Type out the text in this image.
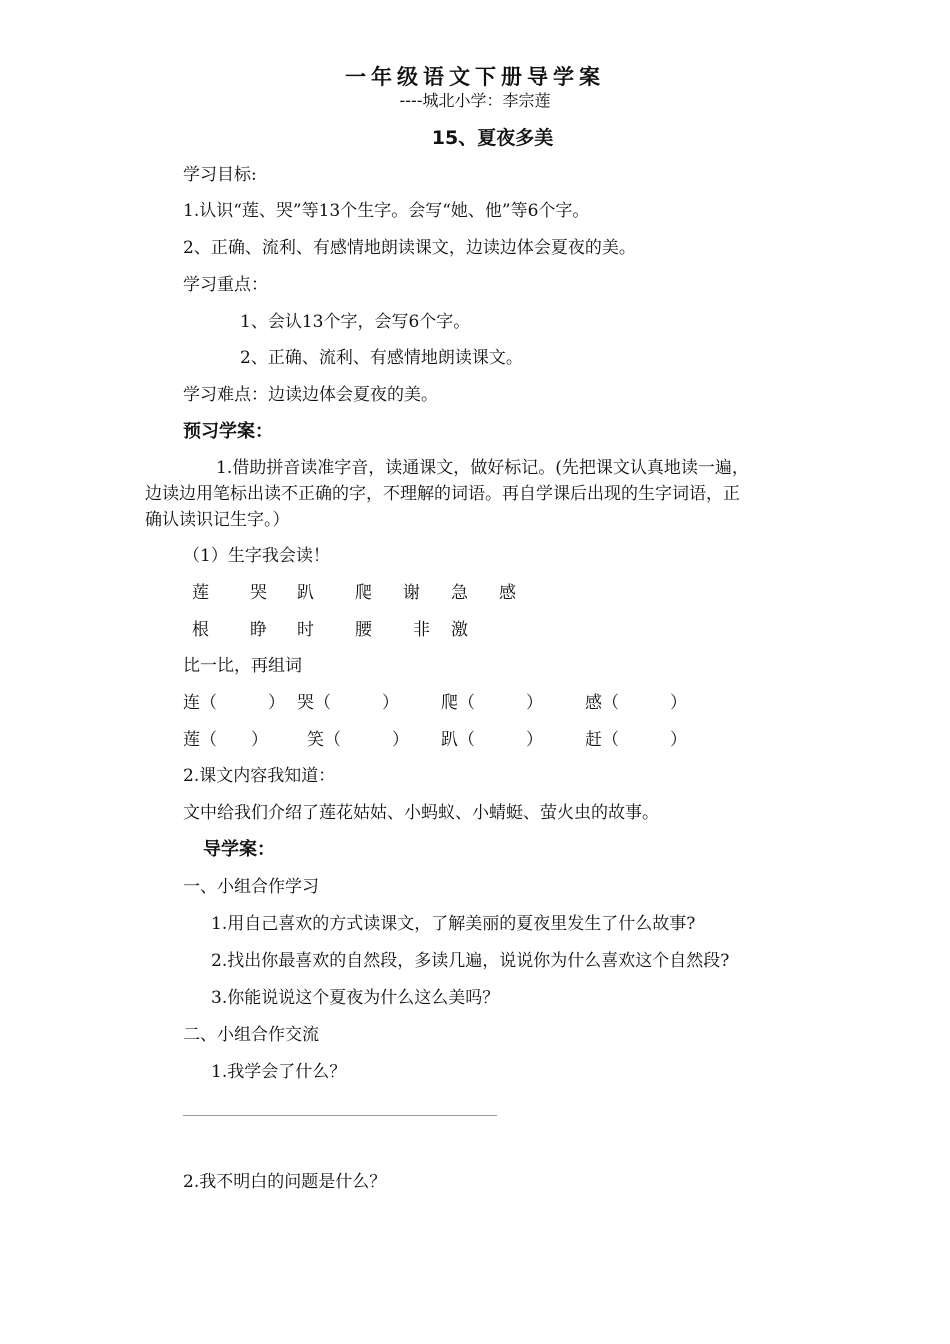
一年级语文下册导学案
----城北小学：李宗莲
15、夏夜多美
学习目标:
1.认识“莲、哭”等13个生字。会写“她、他”等6个字。
2、正确、流利、有感情地朗读课文，边读边体会夏夜的美。
学习重点：
1、会认13个字，会写6个字。
2、正确、流利、有感情地朗读课文。
学习难点：边读边体会夏夜的美。
预习学案：
1.借助拼音读准字音，读通课文，做好标记。(先把课文认真地读一遍，
边读边用笔标出读不正确的字，不理解的词语。再自学课后出现的生字词语，正
确认读识记生字。）
（1）生字我会读！
莲 哭 趴 爬 谢 急 感
根 睁 时 腰 非 激
比一比，再组词
连（　　　） 哭（　　　） 爬（　　　） 感（　　　）
莲（　　） 笑（　　　） 趴（　　　） 赶（　　　）
2.课文内容我知道：
文中给我们介绍了莲花姑姑、小蚂蚁、小蜻蜓、萤火虫的故事。
导学案：
一、小组合作学习
1.用自己喜欢的方式读课文，了解美丽的夏夜里发生了什么故事?
2.找出你最喜欢的自然段，多读几遍，说说你为什么喜欢这个自然段?
3.你能说说这个夏夜为什么这么美吗？
二、小组合作交流
1.我学会了什么？
2.我不明白的问题是什么？
